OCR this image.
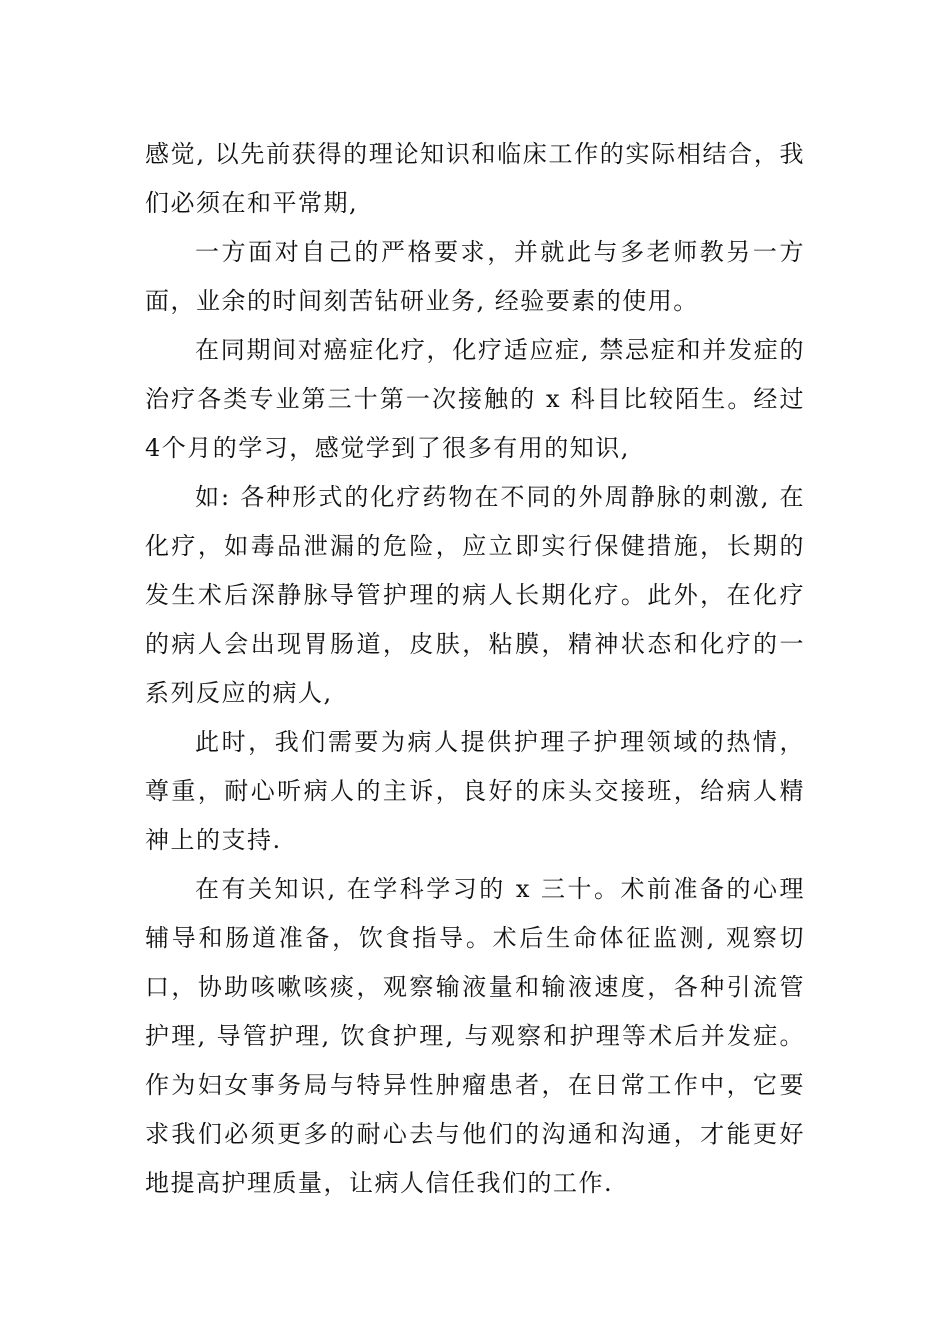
感觉, 以先前获得的理论知识和临床工作的实际相结合，我们必须在和平常期,

一方面对自己的严格要求，并就此与多老师教另一方面，业余的时间刻苦钻研业务, 经验要素的使用。

在同期间对癌症化疗，化疗适应症, 禁忌症和并发症的治疗各类专业第三十第一次接触的 x 科目比较陌生。经过4个月的学习，感觉学到了很多有用的知识,

如: 各种形式的化疗药物在不同的外周静脉的刺激, 在化疗，如毒品泄漏的危险，应立即实行保健措施，长期的发生术后深静脉导管护理的病人长期化疗。此外，在化疗的病人会出现胃肠道，皮肤，粘膜，精神状态和化疗的一系列反应的病人,

此时，我们需要为病人提供护理子护理领域的热情，尊重，耐心听病人的主诉，良好的床头交接班，给病人精神上的支持.

在有关知识, 在学科学习的 x 三十。术前准备的心理辅导和肠道准备，饮食指导。术后生命体征监测, 观察切口，协助咳嗽咳痰，观察输液量和输液速度，各种引流管护理, 导管护理, 饮食护理, 与观察和护理等术后并发症。作为妇女事务局与特异性肿瘤患者，在日常工作中，它要求我们必须更多的耐心去与他们的沟通和沟通，才能更好地提高护理质量，让病人信任我们的工作.
